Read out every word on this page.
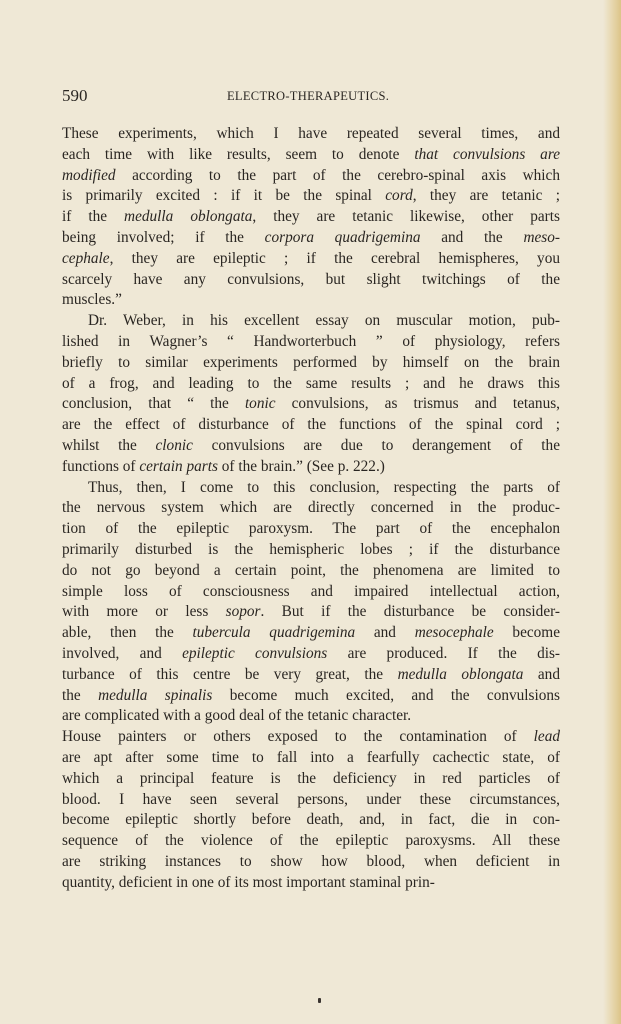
590	ELECTRO-THERAPEUTICS.
These experiments, which I have repeated several times, and
each time with like results, seem to denote that convulsions are
modified according to the part of the cerebro-spinal axis which
is primarily excited : if it be the spinal cord, they are tetanic ;
if the medulla oblongata, they are tetanic likewise, other parts
being involved; if the corpora quadrigemina and the meso-
cephale, they are epileptic ; if the cerebral hemispheres, you
scarcely have any convulsions, but slight twitchings of the
muscles.”
Dr. Weber, in his excellent essay on muscular motion, pub-
lished in Wagner’s “ Handworterbuch ” of physiology, refers
briefly to similar experiments performed by himself on the brain
of a frog, and leading to the same results ; and he draws this
conclusion, that “ the tonic convulsions, as trismus and tetanus,
are the effect of disturbance of the functions of the spinal cord ;
whilst the clonic convulsions are due to derangement of the
functions of certain parts of the brain.” (See p. 222.)
Thus, then, I come to this conclusion, respecting the parts of
the nervous system which are directly concerned in the produc-
tion of the epileptic paroxysm. The part of the encephalon
primarily disturbed is the hemispheric lobes ; if the disturbance
do not go beyond a certain point, the phenomena are limited to
simple loss of consciousness and impaired intellectual action,
with more or less sopor. But if the disturbance be consider-
able, then the tubercula quadrigemina and mesocephale become
involved, and epileptic convulsions are produced. If the dis-
turbance of this centre be very great, the medulla oblongata and
the medulla spinalis become much excited, and the convulsions
are complicated with a good deal of the tetanic character.
House painters or others exposed to the contamination of lead
are apt after some time to fall into a fearfully cachectic state, of
which a principal feature is the deficiency in red particles of
blood. I have seen several persons, under these circumstances,
become epileptic shortly before death, and, in fact, die in con-
sequence of the violence of the epileptic paroxysms. All these
are striking instances to show how blood, when deficient in
quantity, deficient in one of its most important staminal prin-
